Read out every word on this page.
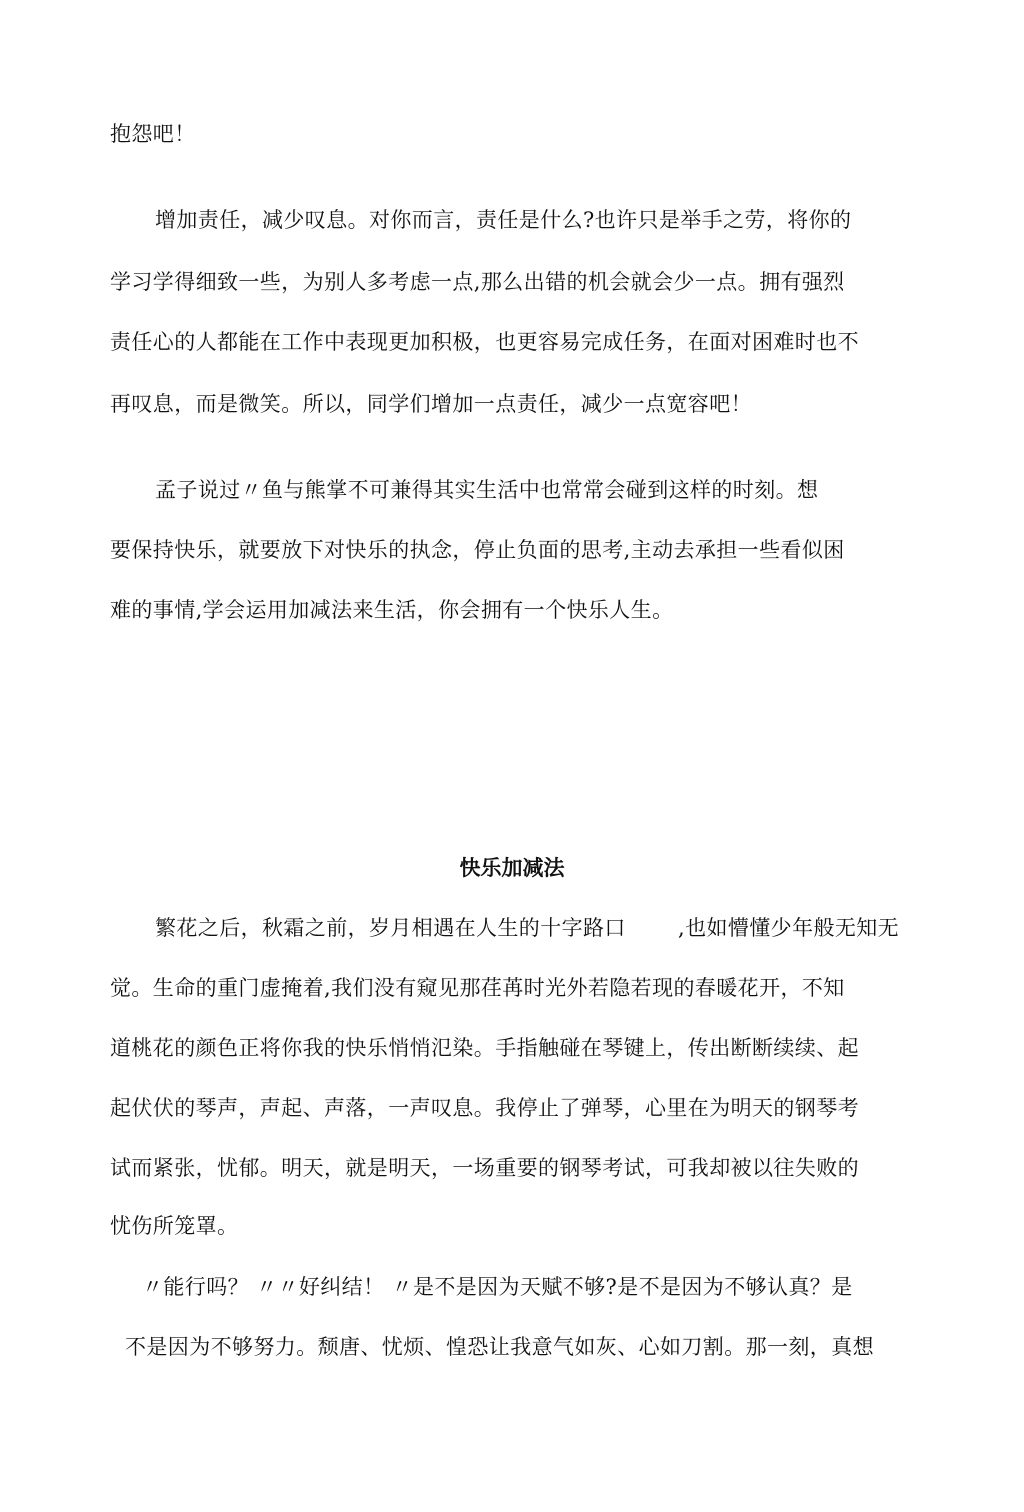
抱怨吧！
增加责任，减少叹息。对你而言，责任是什么?也许只是举手之劳，将你的
学习学得细致一些，为别人多考虑一点,那么出错的机会就会少一点。拥有强烈
责任心的人都能在工作中表现更加积极，也更容易完成任务，在面对困难时也不
再叹息，而是微笑。所以，同学们增加一点责任，减少一点宽容吧！
孟子说过〃鱼与熊掌不可兼得其实生活中也常常会碰到这样的时刻。想
要保持快乐，就要放下对快乐的执念，停止负面的思考,主动去承担一些看似困
难的事情,学会运用加减法来生活，你会拥有一个快乐人生。
快乐加减法
繁花之后，秋霜之前，岁月相遇在人生的十字路口 ,也如懵懂少年般无知无
觉。生命的重门虚掩着,我们没有窥见那荏苒时光外若隐若现的春暖花开，不知
道桃花的颜色正将你我的快乐悄悄氾染。手指触碰在琴键上，传出断断续续、起
起伏伏的琴声，声起、声落，一声叹息。我停止了弹琴，心里在为明天的钢琴考
试而紧张，忧郁。明天，就是明天，一场重要的钢琴考试，可我却被以往失败的
忧伤所笼罩。
〃能行吗？ 〃〃好纠结！ 〃是不是因为天赋不够?是不是因为不够认真？是
不是因为不够努力。颓唐、忧烦、惶恐让我意气如灰、心如刀割。那一刻，真想
